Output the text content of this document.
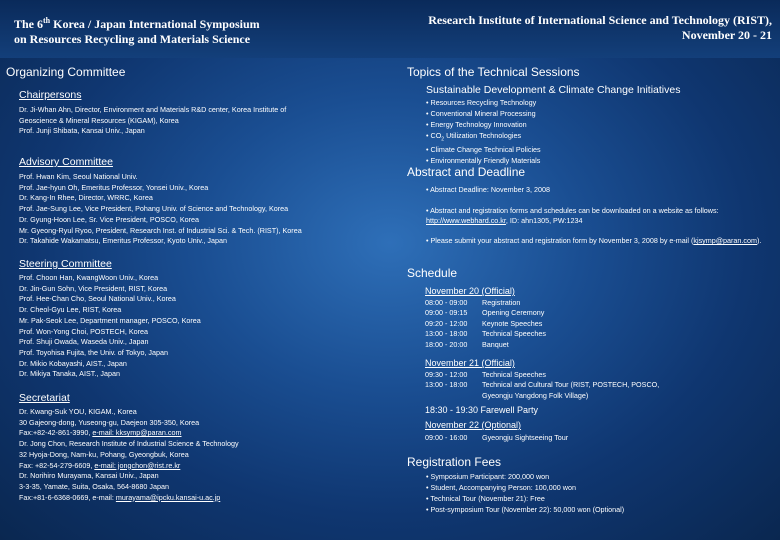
The 6th Korea / Japan International Symposium
on Resources Recycling and Materials Science
Research Institute of International Science and Technology (RIST),
November 20 - 21
Organizing Committee
Chairpersons
Dr. Ji-Whan Ahn, Director, Environment and Materials R&D center, Korea Institute of
Geoscience & Mineral Resources (KIGAM), Korea
Prof. Junji Shibata, Kansai Univ., Japan
Advisory Committee
Prof. Hwan Kim, Seoul National Univ.
Prof. Jae-hyun Oh, Emeritus Professor, Yonsei Univ., Korea
Dr. Kang-In Rhee, Director, WRRC, Korea
Prof. Jae-Sung Lee, Vice President, Pohang Univ. of Science and Technology, Korea
Dr. Gyung-Hoon Lee, Sr. Vice President, POSCO, Korea
Mr. Gyeong-Ryul Ryoo, President, Research Inst. of Industrial Sci. & Tech. (RIST), Korea
Dr. Takahide Wakamatsu, Emeritus Professor, Kyoto Univ., Japan
Steering Committee
Prof. Choon Han, KwangWoon Univ., Korea
Dr. Jin-Gun Sohn, Vice President, RIST, Korea
Prof. Hee-Chan Cho, Seoul National Univ., Korea
Dr. Cheol-Gyu Lee, RIST, Korea
Mr. Pak-Seok Lee, Department manager, POSCO, Korea
Prof. Won-Yong Choi, POSTECH, Korea
Prof. Shuji Owada, Waseda Univ., Japan
Prof. Toyohisa Fujita, the Univ. of Tokyo, Japan
Dr. Mikio Kobayashi, AIST., Japan
Dr. Mikiya Tanaka, AIST., Japan
Secretariat
Dr. Kwang-Suk YOU, KIGAM., Korea
30 Gajeong-dong, Yuseong-gu, Daejeon 305-350, Korea
Fax:+82-42-861-3990, e-mail: kksymp@paran.com
Dr. Jong Chon, Research Institute of Industrial Science & Technology
32 Hyoja-Dong, Nam-ku, Pohang, Gyeongbuk, Korea
Fax: +82-54-279-6609, e-mail: jongchon@rist.re.kr
Dr. Norihiro Murayama, Kansai Univ., Japan
3-3-35, Yamate, Suita, Osaka, 564-8680 Japan
Fax:+81-6-6368-0669, e-mail: murayama@ipcku.kansai-u.ac.jp
Topics of the Technical Sessions
Sustainable Development & Climate Change Initiatives
• Resources Recycling Technology
• Conventional Mineral Processing
• Energy Technology Innovation
• $CO_2$ Utilization Technologies
• Climate Change Technical Policies
• Environmentally Friendly Materials
Abstract and Deadline
• Abstract Deadline: November 3, 2008
• Abstract and registration forms and schedules can be downloaded on a website as follows: http://www.webhard.co.kr, ID: ahn1305, PW:1234
• Please submit your abstract and registration form by November 3, 2008 by e-mail (kjsymp@paran.com).
Schedule
November 20 (Official)
08:00 - 09:00	Registration
09:00 - 09:15	Opening Ceremony
09:20 - 12:00	Keynote Speeches
13:00 - 18:00	Technical Speeches
18:00 - 20:00	Banquet
November 21 (Official)
09:30 - 12:00	Technical Speeches
13:00 - 18:00	Technical and Cultural Tour (RIST, POSTECH, POSCO,
Gyeongju Yangdong Folk Village)
18:30 - 19:30 Farewell Party
November 22 (Optional)
09:00 - 16:00	Gyeongju Sightseeing Tour
Registration Fees
• Symposium Participant: 200,000 won
• Student, Accompanying Person: 100,000 won
• Technical Tour (November 21): Free
• Post-symposium Tour (November 22): 50,000 won (Optional)
